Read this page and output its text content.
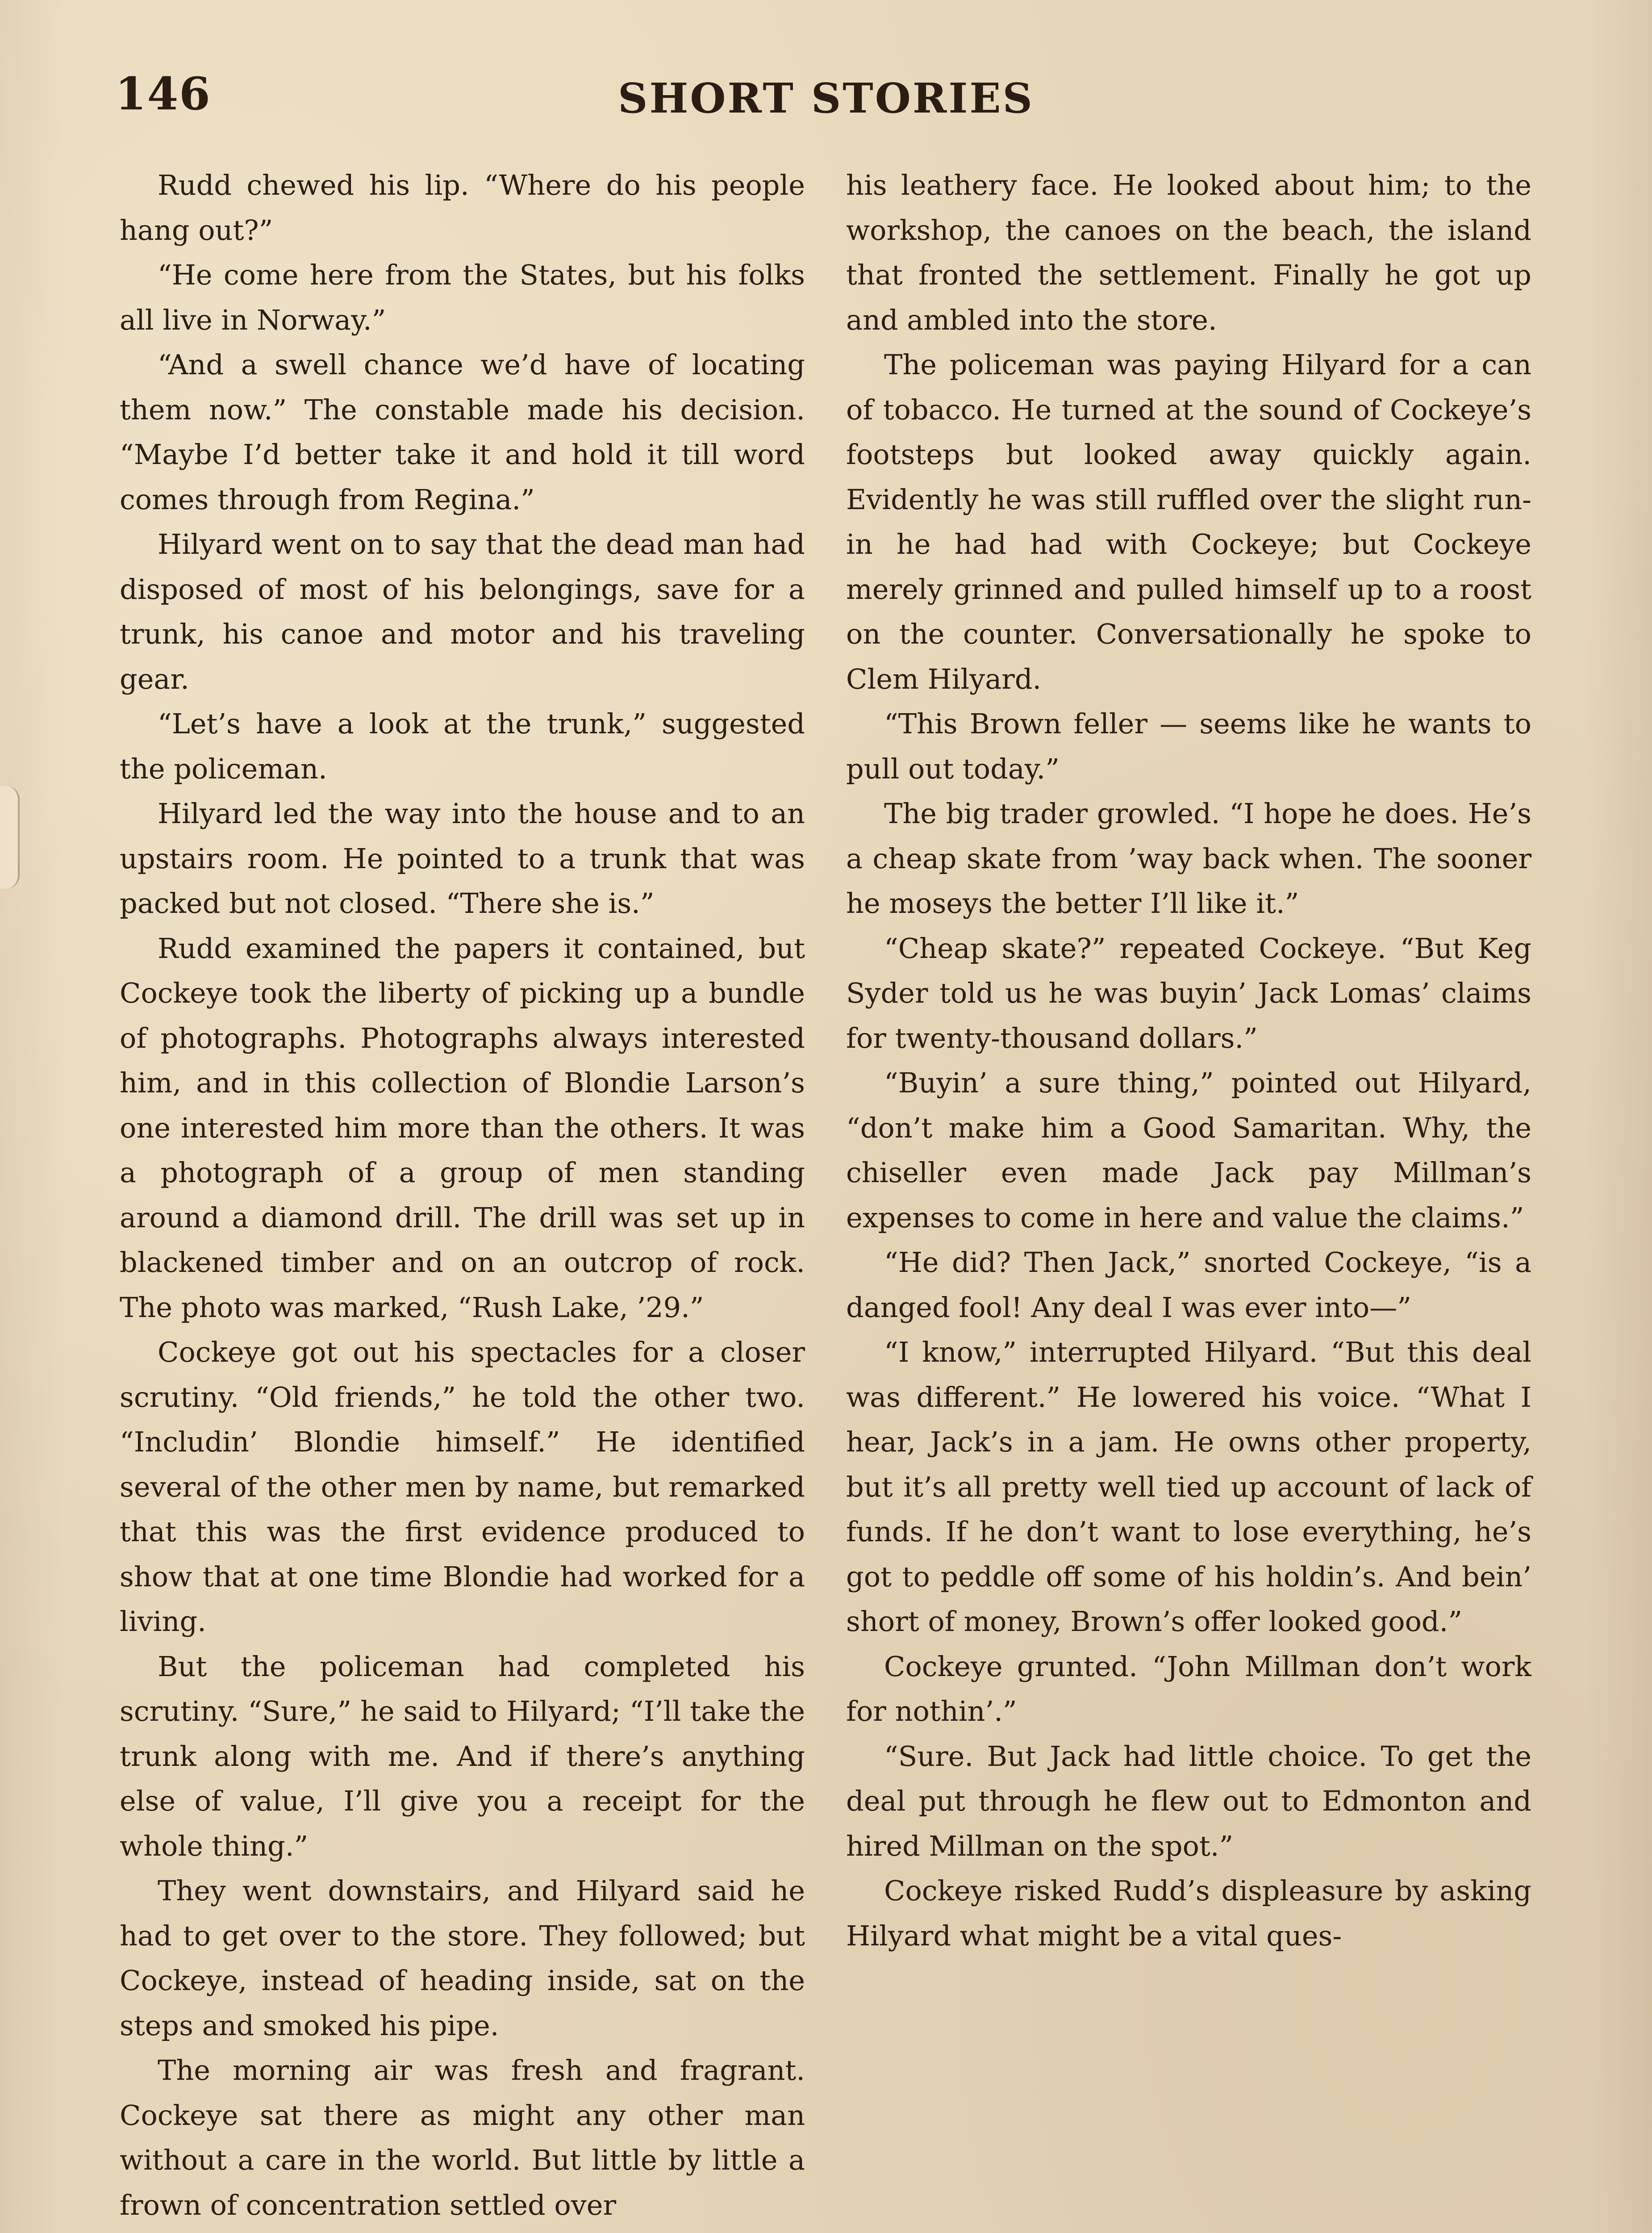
146	SHORT STORIES

Rudd chewed his lip. “Where do his people hang out?”

“He come here from the States, but his folks all live in Norway.”

“And a swell chance we’d have of locating them now.” The constable made his decision. “Maybe I’d better take it and hold it till word comes through from Regina.”

Hilyard went on to say that the dead man had disposed of most of his belongings, save for a trunk, his canoe and motor and his traveling gear.

“Let’s have a look at the trunk,” suggested the policeman.

Hilyard led the way into the house and to an upstairs room. He pointed to a trunk that was packed but not closed. “There she is.”

Rudd examined the papers it contained, but Cockeye took the liberty of picking up a bundle of photographs. Photographs always interested him, and in this collection of Blondie Larson’s one interested him more than the others. It was a photograph of a group of men standing around a diamond drill. The drill was set up in blackened timber and on an outcrop of rock. The photo was marked, “Rush Lake, ’29.”

Cockeye got out his spectacles for a closer scrutiny. “Old friends,” he told the other two. “Includin’ Blondie himself.” He identified several of the other men by name, but remarked that this was the first evidence produced to show that at one time Blondie had worked for a living.

But the policeman had completed his scrutiny. “Sure,” he said to Hilyard; “I’ll take the trunk along with me. And if there’s anything else of value, I’ll give you a receipt for the whole thing.”

They went downstairs, and Hilyard said he had to get over to the store. They followed; but Cockeye, instead of heading inside, sat on the steps and smoked his pipe.

The morning air was fresh and fragrant. Cockeye sat there as might any other man without a care in the world. But little by little a frown of concentration settled over

his leathery face. He looked about him; to the workshop, the canoes on the beach, the island that fronted the settlement. Finally he got up and ambled into the store.

The policeman was paying Hilyard for a can of tobacco. He turned at the sound of Cockeye’s footsteps but looked away quickly again. Evidently he was still ruffled over the slight run-in he had had with Cockeye; but Cockeye merely grinned and pulled himself up to a roost on the counter. Conversationally he spoke to Clem Hilyard.

“This Brown feller — seems like he wants to pull out today.”

The big trader growled. “I hope he does. He’s a cheap skate from ’way back when. The sooner he moseys the better I’ll like it.”

“Cheap skate?” repeated Cockeye. “But Keg Syder told us he was buyin’ Jack Lomas’ claims for twenty-thousand dollars.”

“Buyin’ a sure thing,” pointed out Hilyard, “don’t make him a Good Samaritan. Why, the chiseller even made Jack pay Millman’s expenses to come in here and value the claims.”

“He did? Then Jack,” snorted Cockeye, “is a danged fool! Any deal I was ever into—”

“I know,” interrupted Hilyard. “But this deal was different.” He lowered his voice. “What I hear, Jack’s in a jam. He owns other property, but it’s all pretty well tied up account of lack of funds. If he don’t want to lose everything, he’s got to peddle off some of his holdin’s. And bein’ short of money, Brown’s offer looked good.”

Cockeye grunted. “John Millman don’t work for nothin’.”

“Sure. But Jack had little choice. To get the deal put through he flew out to Edmonton and hired Millman on the spot.”

Cockeye risked Rudd’s displeasure by asking Hilyard what might be a vital ques-
